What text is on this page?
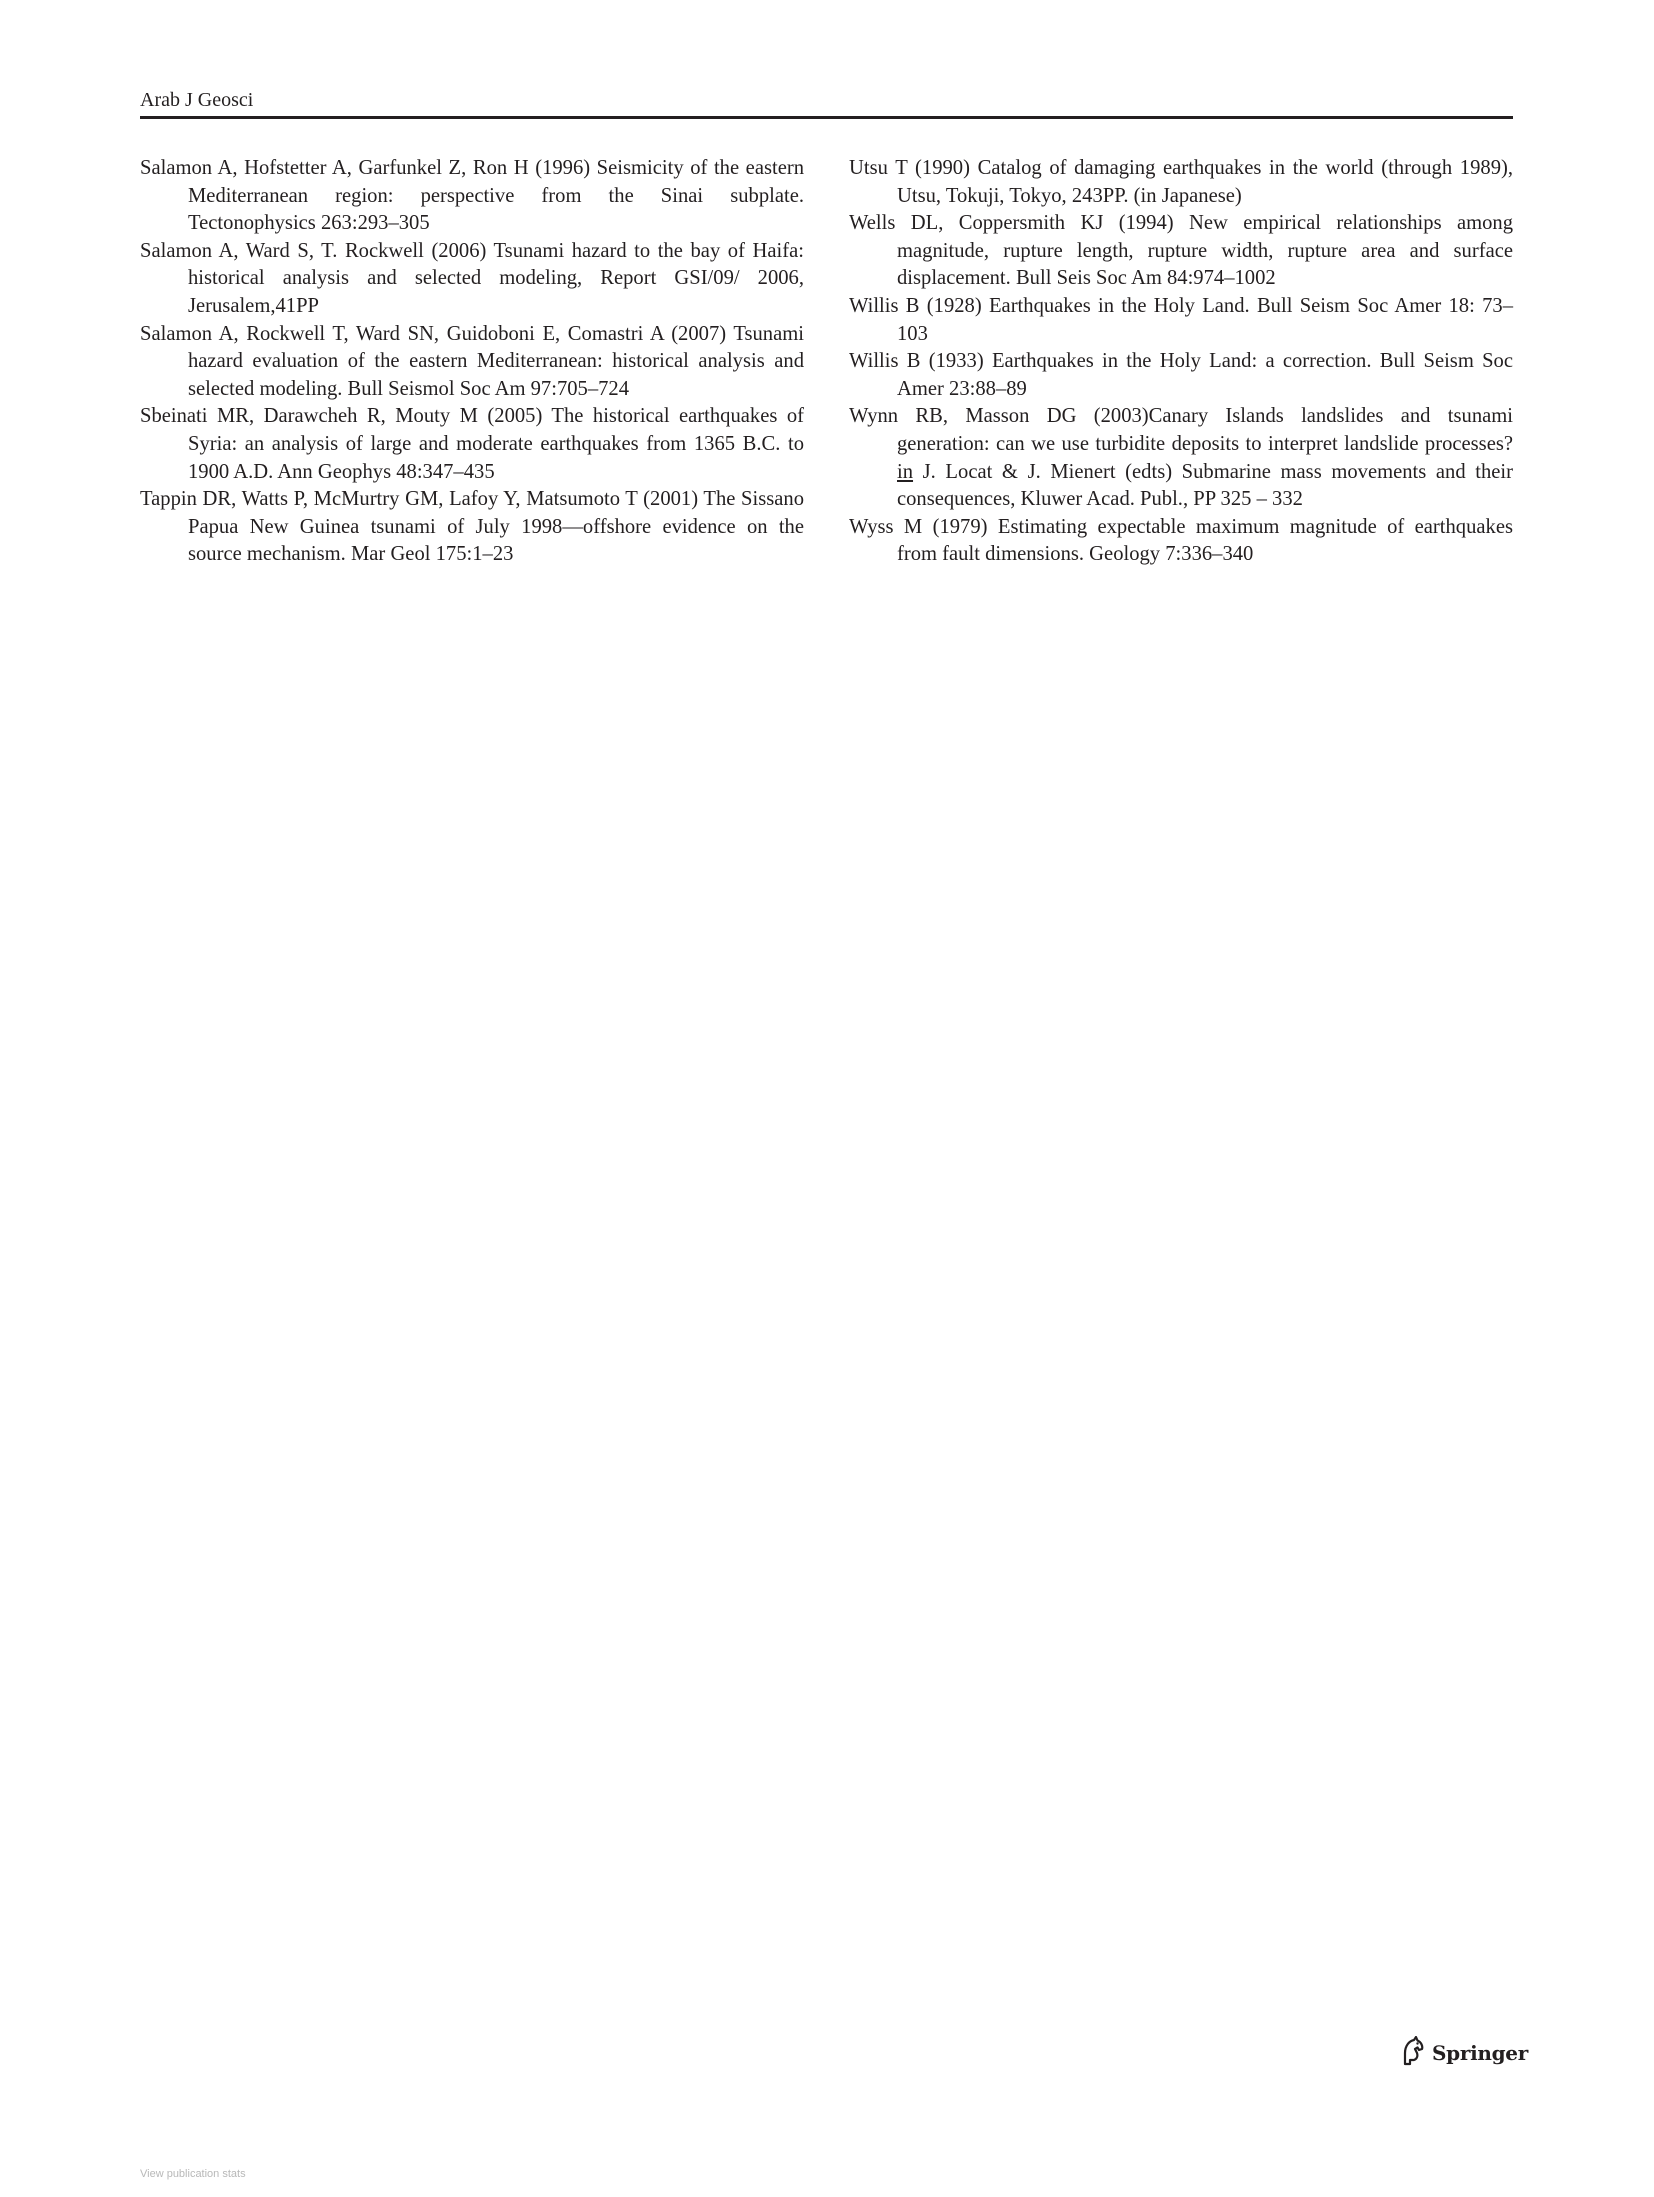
Arab J Geosci

Salamon A, Hofstetter A, Garfunkel Z, Ron H (1996) Seismicity of the eastern Mediterranean region: perspective from the Sinai subplate. Tectonophysics 263:293–305

Salamon A, Ward S, T. Rockwell (2006) Tsunami hazard to the bay of Haifa: historical analysis and selected modeling, Report GSI/09/ 2006, Jerusalem,41PP

Salamon A, Rockwell T, Ward SN, Guidoboni E, Comastri A (2007) Tsunami hazard evaluation of the eastern Mediterranean: historical analysis and selected modeling. Bull Seismol Soc Am 97:705–724

Sbeinati MR, Darawcheh R, Mouty M (2005) The historical earthquakes of Syria: an analysis of large and moderate earthquakes from 1365 B.C. to 1900 A.D. Ann Geophys 48:347–435

Tappin DR, Watts P, McMurtry GM, Lafoy Y, Matsumoto T (2001) The Sissano Papua New Guinea tsunami of July 1998—offshore evidence on the source mechanism. Mar Geol 175:1–23

Utsu T (1990) Catalog of damaging earthquakes in the world (through 1989), Utsu, Tokuji, Tokyo, 243PP. (in Japanese)

Wells DL, Coppersmith KJ (1994) New empirical relationships among magnitude, rupture length, rupture width, rupture area and surface displacement. Bull Seis Soc Am 84:974–1002

Willis B (1928) Earthquakes in the Holy Land. Bull Seism Soc Amer 18: 73–103

Willis B (1933) Earthquakes in the Holy Land: a correction. Bull Seism Soc Amer 23:88–89

Wynn RB, Masson DG (2003)Canary Islands landslides and tsunami generation: can we use turbidite deposits to interpret landslide processes? in J. Locat & J. Mienert (edts) Submarine mass movements and their consequences, Kluwer Acad. Publ., PP 325 – 332

Wyss M (1979) Estimating expectable maximum magnitude of earthquakes from fault dimensions. Geology 7:336–340

Springer
View publication stats
